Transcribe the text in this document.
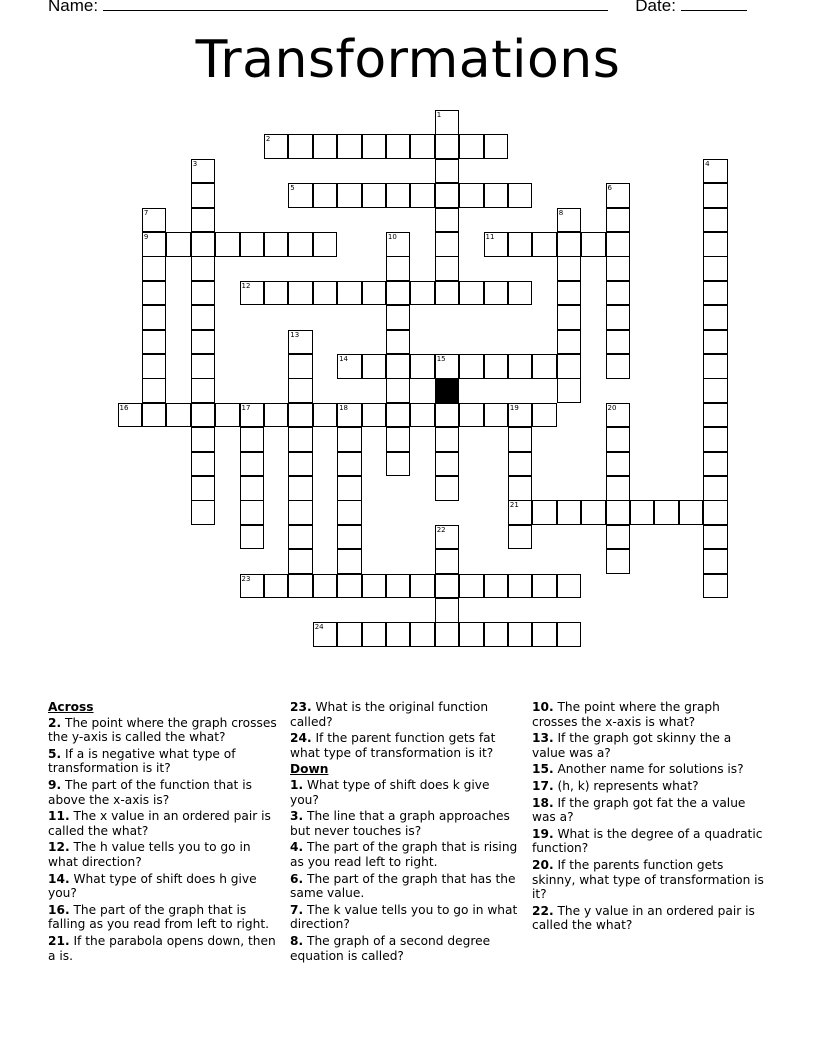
Name:	Date:
Transformations
2
5
9	11
12
14	15
16	17	18	19
21
23
24
1
3	4
6
7	8
10
13
20
22
Across
2. The point where the graph crosses the y-axis is called the what?
5. If a is negative what type of transformation is it?
9. The part of the function that is above the x-axis is?
11. The x value in an ordered pair is called the what?
12. The h value tells you to go in what direction?
14. What type of shift does h give you?
16. The part of the graph that is falling as you read from left to right.
21. If the parabola opens down, then a is.
23. What is the original function called?
24. If the parent function gets fat what type of transformation is it?
Down
1. What type of shift does k give you?
3. The line that a graph approaches but never touches is?
4. The part of the graph that is rising as you read left to right.
6. The part of the graph that has the same value.
7. The k value tells you to go in what direction?
8. The graph of a second degree equation is called?
10. The point where the graph crosses the x-axis is what?
13. If the graph got skinny the a value was a?
15. Another name for solutions is?
17. (h, k) represents what?
18. If the graph got fat the a value was a?
19. What is the degree of a quadratic function?
20. If the parents function gets skinny, what type of transformation is it?
22. The y value in an ordered pair is called the what?
